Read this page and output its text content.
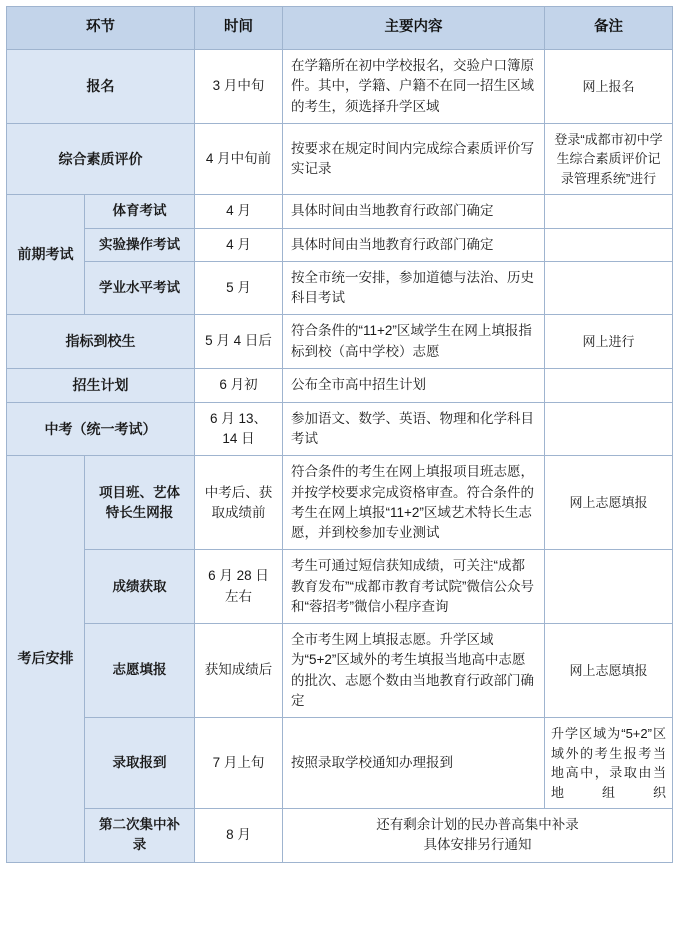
环节		时间	主要内容	备注
报名		3 月中旬	在学籍所在初中学校报名，交验户口簿原件。其中，学籍、户籍不在同一招生区域的考生，须选择升学区域	网上报名
综合素质评价		4 月中旬前	按要求在规定时间内完成综合素质评价写实记录	登录“成都市初中学生综合素质评价记录管理系统”进行
前期考试	体育考试	4 月	具体时间由当地教育行政部门确定	
	实验操作考试	4 月	具体时间由当地教育行政部门确定	
	学业水平考试	5 月	按全市统一安排，参加道德与法治、历史科目考试	
指标到校生		5 月 4 日后	符合条件的“11+2”区域学生在网上填报指标到校（高中学校）志愿	网上进行
招生计划		6 月初	公布全市高中招生计划	
中考（统一考试）		6 月 13、14 日	参加语文、数学、英语、物理和化学科目考试	
考后安排	项目班、艺体特长生网报	中考后、获取成绩前	符合条件的考生在网上填报项目班志愿，并按学校要求完成资格审查。符合条件的考生在网上填报“11+2”区域艺术特长生志愿，并到校参加专业测试	网上志愿填报
	成绩获取	6 月 28 日左右	考生可通过短信获知成绩，可关注“成都教育发布”“成都市教育考试院”微信公众号和“蓉招考”微信小程序查询	
	志愿填报	获知成绩后	全市考生网上填报志愿。升学区域为“5+2”区域外的考生填报当地高中志愿的批次、志愿个数由当地教育行政部门确定	网上志愿填报
	录取报到	7 月上旬	按照录取学校通知办理报到	升学区域为“5+2”区域外的考生报考当地高中，录取由当地组织
	第二次集中补录	8 月	还有剩余计划的民办普高集中补录
具体安排另行通知	
